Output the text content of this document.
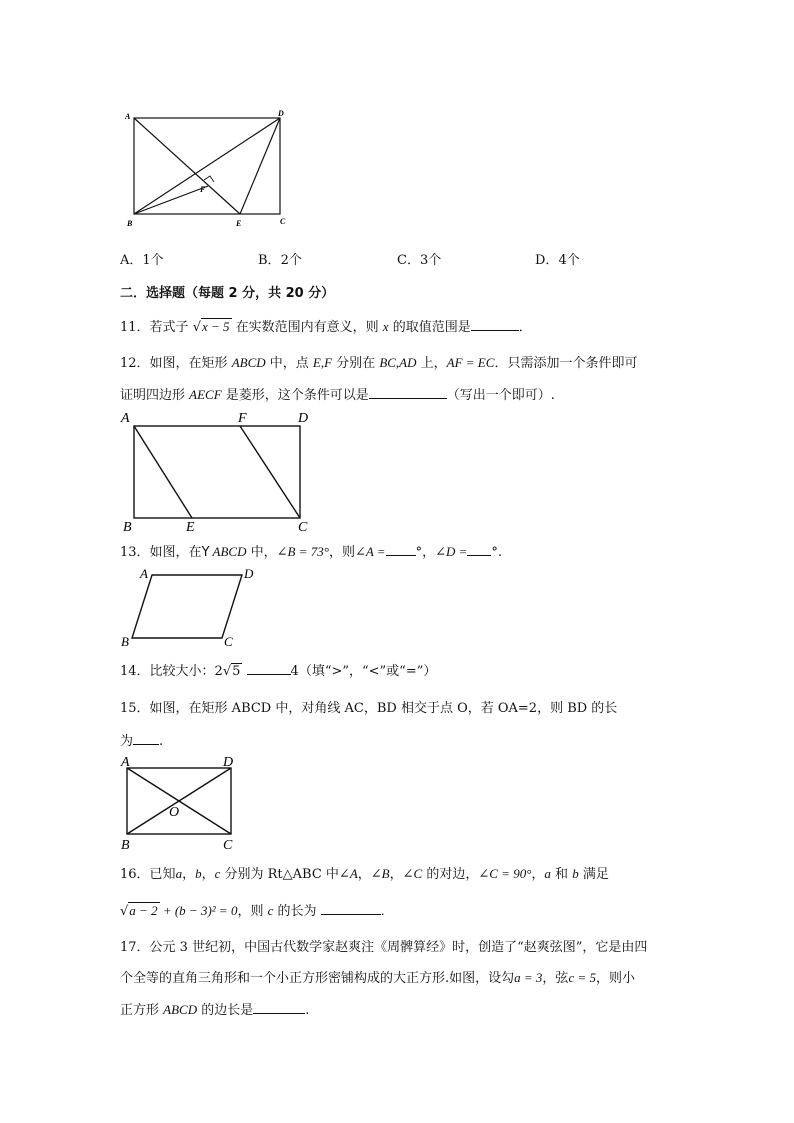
A	D
F
B	E	C
A．1个	B．2个	C．3个	D．4个
二．选择题（每题 2 分，共 20 分）
11．若式子 √x − 5 在实数范围内有意义，则 x 的取值范围是	．
12．如图，在矩形 ABCD 中，点 E,F 分别在 BC,AD 上，AF = EC．只需添加一个条件即可
证明四边形 AECF 是菱形，这个条件可以是	（写出一个即可）.
A	F	D
B	E	C
13．如图，在Y ABCD 中，∠B = 73°，则∠A = °，∠D = °.
A	D
B	C
14．比较大小：2√5	4（填“>”，“<”或“=”）
15．如图，在矩形 ABCD 中，对角线 AC，BD 相交于点 O，若 OA=2，则 BD 的长
为 .
A	D
O
B	C
16．已知a，b，c 分别为 Rt△ABC 中∠A，∠B，∠C 的对边，∠C = 90°，a 和 b 满足
√a − 2 + (b − 3)² = 0，则 c 的长为	．
17．公元 3 世纪初，中国古代数学家赵爽注《周髀算经》时，创造了“赵爽弦图”，它是由四
个全等的直角三角形和一个小正方形密铺构成的大正方形.如图，设勾a = 3，弦c = 5，则小
正方形 ABCD 的边长是	.
